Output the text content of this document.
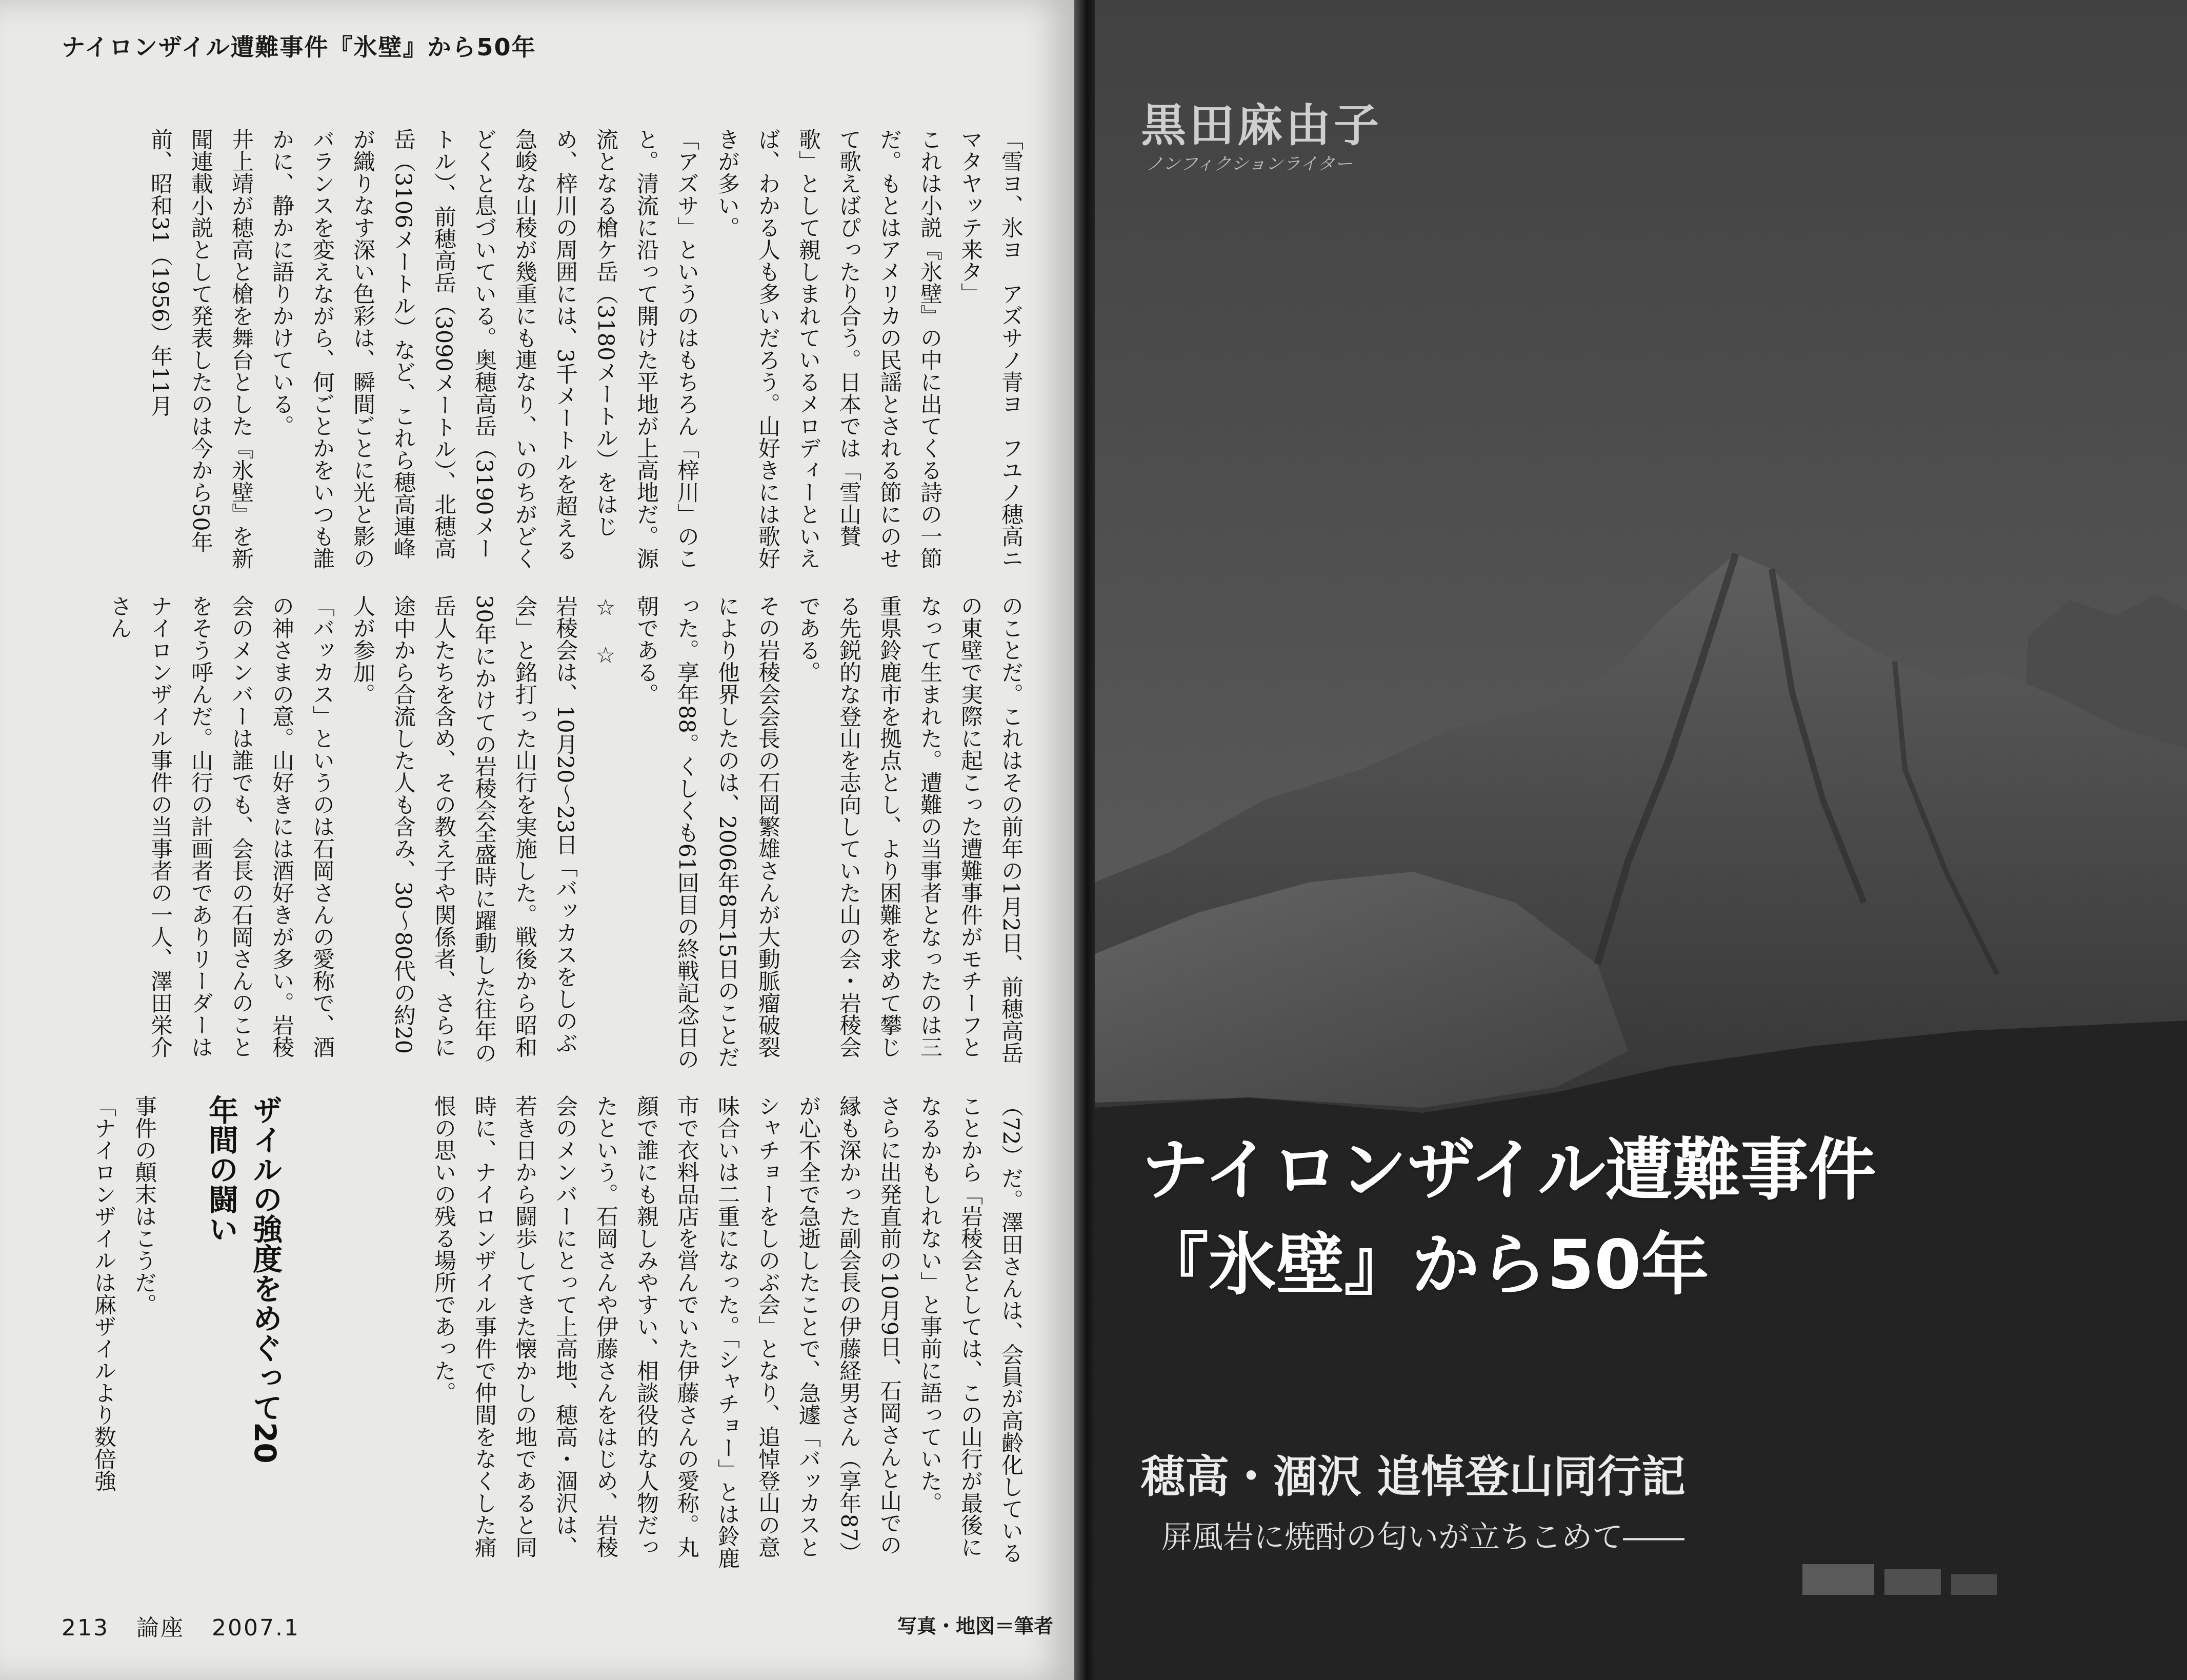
ナイロンザイル遭難事件『氷壁』から50年

「雪ヨ、氷ヨ　アズサノ青ヨ　フユノ穂高ニ　マタヤッテ来タ」

これは小説『氷壁』の中に出てくる詩の一節だ。もとはアメリカの民謡とされる節にのせて歌えばぴったり合う。日本では「雪山賛歌」として親しまれているメロディーといえば、わかる人も多いだろう。山好きには歌好きが多い。

「アズサ」というのはもちろん「梓川」のこと。清流に沿って開けた平地が上高地だ。源流となる槍ケ岳（3180メートル）をはじめ、梓川の周囲には、3千メートルを超える急峻な山稜が幾重にも連なり、いのちがどくどくと息づいている。奥穂高岳（3190メートル）、前穂高岳（3090メートル）、北穂高岳（3106メートル）など、これら穂高連峰が織りなす深い色彩は、瞬間ごとに光と影のバランスを変えながら、何ごとかをいつも誰かに、静かに語りかけている。

井上靖が穂高と槍を舞台とした『氷壁』を新聞連載小説として発表したのは今から50年前、昭和31（1956）年11月

のことだ。これはその前年の1月2日、前穂高岳の東壁で実際に起こった遭難事件がモチーフとなって生まれた。遭難の当事者となったのは三重県鈴鹿市を拠点とし、より困難を求めて攀じる先鋭的な登山を志向していた山の会・岩稜会である。

その岩稜会会長の石岡繁雄さんが大動脈瘤破裂により他界したのは、2006年8月15日のことだった。享年88。くしくも61回目の終戦記念日の朝である。

☆　☆

岩稜会は、10月20〜23日「バッカスをしのぶ会」と銘打った山行を実施した。戦後から昭和30年にかけての岩稜会全盛時に躍動した往年の岳人たちを含め、その教え子や関係者、さらに途中から合流した人も含み、30〜80代の約20人が参加。

「バッカス」というのは石岡さんの愛称で、酒の神さまの意。山好きには酒好きが多い。岩稜会のメンバーは誰でも、会長の石岡さんのことをそう呼んだ。山行の計画者でありリーダーはナイロンザイル事件の当事者の一人、澤田栄介さん

（72）だ。澤田さんは、会員が高齢化していることから「岩稜会としては、この山行が最後になるかもしれない」と事前に語っていた。

さらに出発直前の10月9日、石岡さんと山での縁も深かった副会長の伊藤経男さん（享年87）が心不全で急逝したことで、急遽「バッカスとシャチョーをしのぶ会」となり、追悼登山の意味合いは二重になった。「シャチョー」とは鈴鹿市で衣料品店を営んでいた伊藤さんの愛称。丸顔で誰にも親しみやすい、相談役的な人物だったという。石岡さんや伊藤さんをはじめ、岩稜会のメンバーにとって上高地、穂高・涸沢は、若き日から闘歩してきた懐かしの地であると同時に、ナイロンザイル事件で仲間をなくした痛恨の思いの残る場所であった。

ザイルの強度をめぐって20年間の闘い

事件の顛末はこうだ。

「ナイロンザイルは麻ザイルより数倍強

213 論座 2007.1	写真・地図＝筆者
黒田麻由子
ノンフィクションライター
ナイロンザイル遭難事件
『氷壁』から50年
穂高・涸沢 追悼登山同行記
屏風岩に焼酎の匂いが立ちこめて――
